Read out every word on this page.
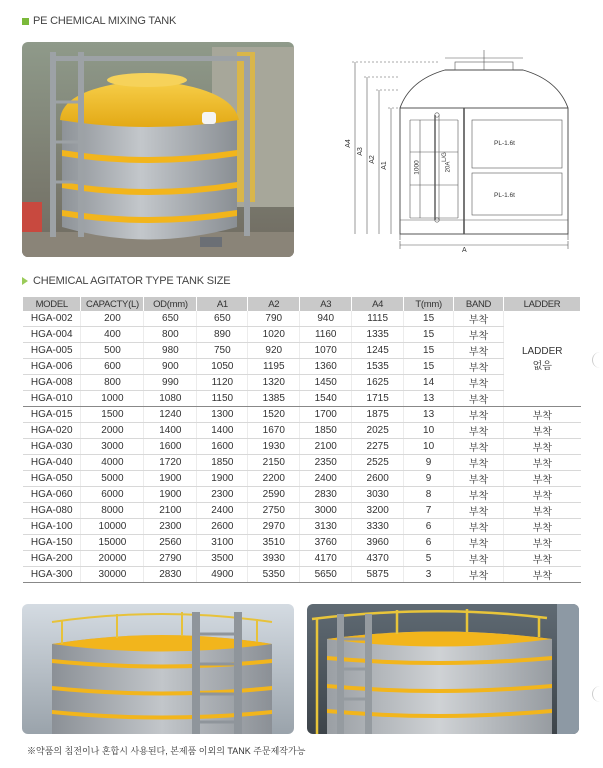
PE CHEMICAL MIXING TANK
A4
A3
A2
A1	1000
L/G
20A
PL-1.6t
PL-1.6t
A
CHEMICAL AGITATOR TYPE TANK SIZE
MODEL	CAPACTY(L)	OD(mm)	A1	A2	A3	A4	T(mm)	BAND	LADDER
HGA-002	200	650	650	790	940	1115	15	부착	LADDER
없음

HGA-004	400	800	890	1020	1160	1335	15	부착	
HGA-005	500	980	750	920	1070	1245	15	부착	
HGA-006	600	900	1050	1195	1360	1535	15	부착	
HGA-008	800	990	1120	1320	1450	1625	14	부착	
HGA-010	1000	1080	1150	1385	1540	1715	13	부착	
HGA-015	1500	1240	1300	1520	1700	1875	13	부착	부착
HGA-020	2000	1400	1400	1670	1850	2025	10	부착	부착
HGA-030	3000	1600	1600	1930	2100	2275	10	부착	부착
HGA-040	4000	1720	1850	2150	2350	2525	9	부착	부착
HGA-050	5000	1900	1900	2200	2400	2600	9	부착	부착
HGA-060	6000	1900	2300	2590	2830	3030	8	부착	부착
HGA-080	8000	2100	2400	2750	3000	3200	7	부착	부착
HGA-100	10000	2300	2600	2970	3130	3330	6	부착	부착
HGA-150	15000	2560	3100	3510	3760	3960	6	부착	부착
HGA-200	20000	2790	3500	3930	4170	4370	5	부착	부착
HGA-300	30000	2830	4900	5350	5650	5875	3	부착	부착
※약품의 침전이나 혼합시 사용된다, 본제품 이외의 TANK 주문제작가능
